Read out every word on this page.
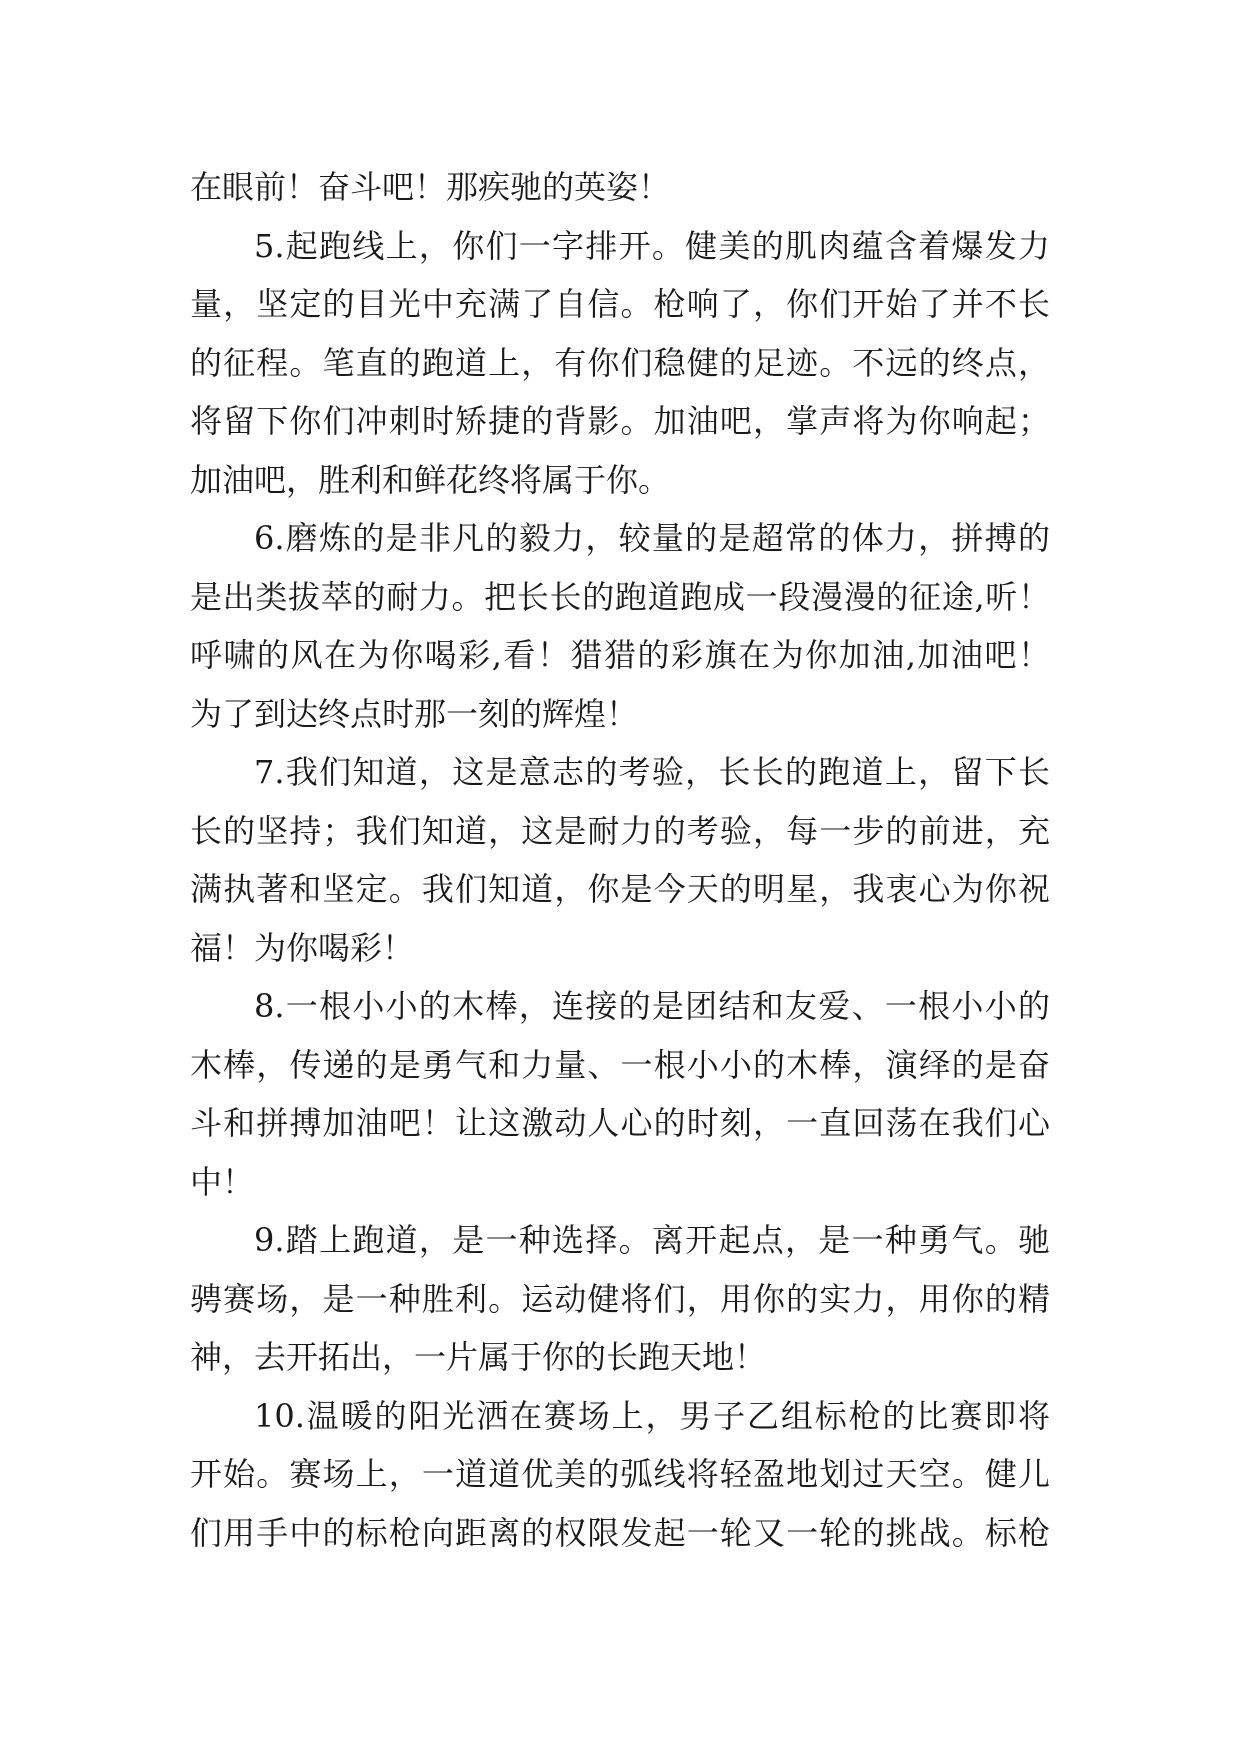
在眼前！奋斗吧！那疾驰的英姿！
5.起跑线上，你们一字排开。健美的肌肉蕴含着爆发力
量，坚定的目光中充满了自信。枪响了，你们开始了并不长
的征程。笔直的跑道上，有你们稳健的足迹。不远的终点，
将留下你们冲刺时矫捷的背影。加油吧，掌声将为你响起；
加油吧，胜利和鲜花终将属于你。
6.磨炼的是非凡的毅力，较量的是超常的体力，拼搏的
是出类拔萃的耐力。把长长的跑道跑成一段漫漫的征途,听！
呼啸的风在为你喝彩,看！猎猎的彩旗在为你加油,加油吧！
为了到达终点时那一刻的辉煌！
7.我们知道，这是意志的考验，长长的跑道上，留下长
长的坚持；我们知道，这是耐力的考验，每一步的前进，充
满执著和坚定。我们知道，你是今天的明星，我衷心为你祝
福！为你喝彩！
8.一根小小的木棒，连接的是团结和友爱、一根小小的
木棒，传递的是勇气和力量、一根小小的木棒，演绎的是奋
斗和拼搏加油吧！让这激动人心的时刻，一直回荡在我们心
中！
9.踏上跑道，是一种选择。离开起点，是一种勇气。驰
骋赛场，是一种胜利。运动健将们，用你的实力，用你的精
神，去开拓出，一片属于你的长跑天地！
10.温暖的阳光洒在赛场上，男子乙组标枪的比赛即将
开始。赛场上，一道道优美的弧线将轻盈地划过天空。健儿
们用手中的标枪向距离的权限发起一轮又一轮的挑战。标枪
